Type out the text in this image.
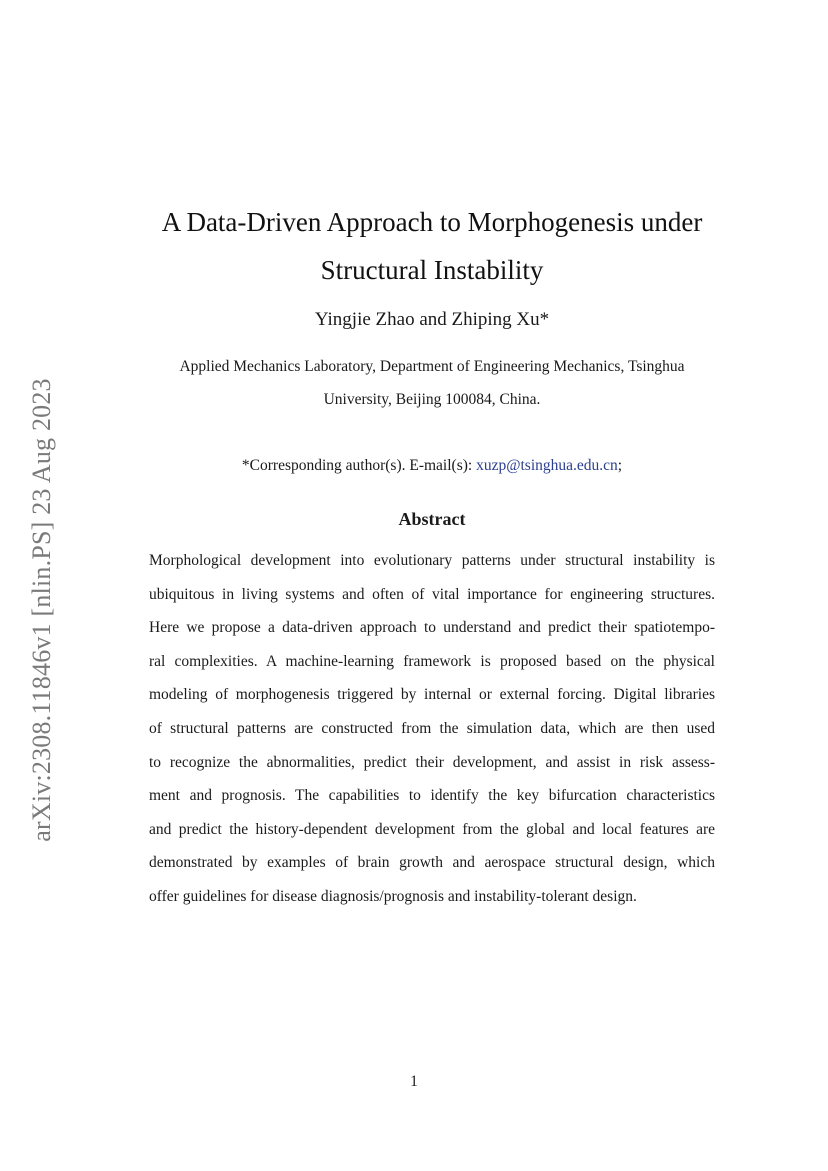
arXiv:2308.11846v1 [nlin.PS] 23 Aug 2023
A Data-Driven Approach to Morphogenesis under
Structural Instability
Yingjie Zhao and Zhiping Xu*
Applied Mechanics Laboratory, Department of Engineering Mechanics, Tsinghua
University, Beijing 100084, China.
*Corresponding author(s). E-mail(s): xuzp@tsinghua.edu.cn;
Abstract
Morphological development into evolutionary patterns under structural instability is
ubiquitous in living systems and often of vital importance for engineering structures.
Here we propose a data-driven approach to understand and predict their spatiotempo-
ral complexities. A machine-learning framework is proposed based on the physical
modeling of morphogenesis triggered by internal or external forcing. Digital libraries
of structural patterns are constructed from the simulation data, which are then used
to recognize the abnormalities, predict their development, and assist in risk assess-
ment and prognosis. The capabilities to identify the key bifurcation characteristics
and predict the history-dependent development from the global and local features are
demonstrated by examples of brain growth and aerospace structural design, which
offer guidelines for disease diagnosis/prognosis and instability-tolerant design.
1
